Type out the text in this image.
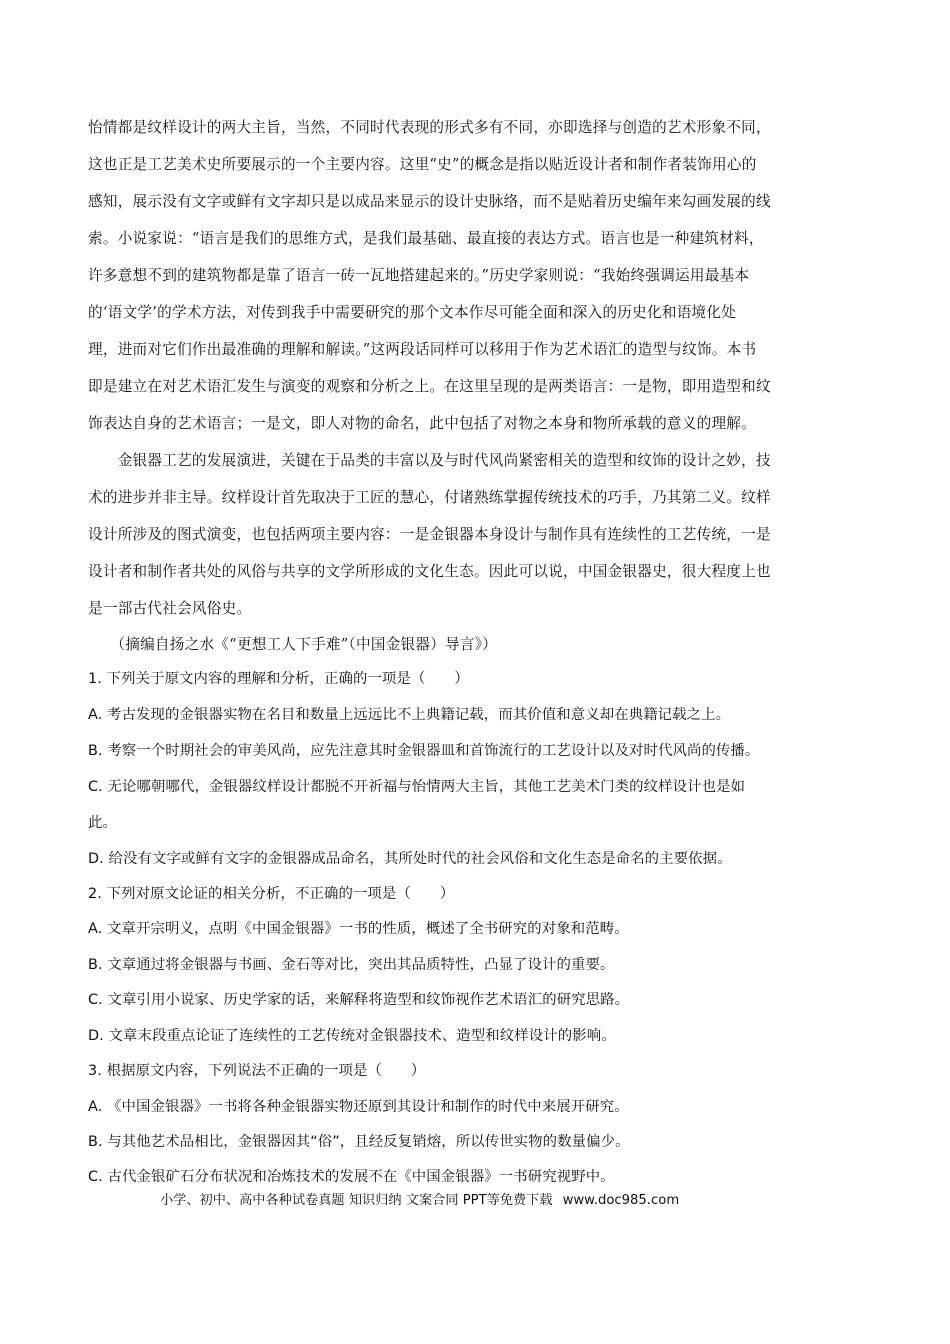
怡情都是纹样设计的两大主旨，当然，不同时代表现的形式多有不同，亦即选择与创造的艺术形象不同，
这也正是工艺美术史所要展示的一个主要内容。这里“史”的概念是指以贴近设计者和制作者装饰用心的
感知，展示没有文字或鲜有文字却只是以成品来显示的设计史脉络，而不是贴着历史编年来勾画发展的线
索。小说家说：“语言是我们的思维方式，是我们最基础、最直接的表达方式。语言也是一种建筑材料，
许多意想不到的建筑物都是靠了语言一砖一瓦地搭建起来的。”历史学家则说：“我始终强调运用最基本
的‘语文学’的学术方法，对传到我手中需要研究的那个文本作尽可能全面和深入的历史化和语境化处
理，进而对它们作出最准确的理解和解读。”这两段话同样可以移用于作为艺术语汇的造型与纹饰。本书
即是建立在对艺术语汇发生与演变的观察和分析之上。在这里呈现的是两类语言：一是物，即用造型和纹
饰表达自身的艺术语言；一是文，即人对物的命名，此中包括了对物之本身和物所承载的意义的理解。
　　金银器工艺的发展演进，关键在于品类的丰富以及与时代风尚紧密相关的造型和纹饰的设计之妙，技
术的进步并非主导。纹样设计首先取决于工匠的慧心，付诸熟练掌握传统技术的巧手，乃其第二义。纹样
设计所涉及的图式演变，也包括两项主要内容：一是金银器本身设计与制作具有连续性的工艺传统，一是
设计者和制作者共处的风俗与共享的文学所形成的文化生态。因此可以说，中国金银器史，很大程度上也
是一部古代社会风俗史。
　　（摘编自扬之水《“更想工人下手难”（中国金银器）导言》）
1. 下列关于原文内容的理解和分析，正确的一项是（　　）
A. 考古发现的金银器实物在名目和数量上远远比不上典籍记载，而其价值和意义却在典籍记载之上。
B. 考察一个时期社会的审美风尚，应先注意其时金银器皿和首饰流行的工艺设计以及对时代风尚的传播。
C. 无论哪朝哪代，金银器纹样设计都脱不开祈福与怡情两大主旨，其他工艺美术门类的纹样设计也是如
此。
D. 给没有文字或鲜有文字的金银器成品命名，其所处时代的社会风俗和文化生态是命名的主要依据。
2. 下列对原文论证的相关分析，不正确的一项是（　　）
A. 文章开宗明义，点明《中国金银器》一书的性质，概述了全书研究的对象和范畴。
B. 文章通过将金银器与书画、金石等对比，突出其品质特性，凸显了设计的重要。
C. 文章引用小说家、历史学家的话，来解释将造型和纹饰视作艺术语汇的研究思路。
D. 文章末段重点论证了连续性的工艺传统对金银器技术、造型和纹样设计的影响。
3. 根据原文内容，下列说法不正确的一项是（　　）
A. 《中国金银器》一书将各种金银器实物还原到其设计和制作的时代中来展开研究。
B. 与其他艺术品相比，金银器因其“俗”，且经反复销熔，所以传世实物的数量偏少。
C. 古代金银矿石分布状况和冶炼技术的发展不在《中国金银器》一书研究视野中。
小学、初中、高中各种试卷真题 知识归纳 文案合同 PPT等免费下载 www.doc985.com
